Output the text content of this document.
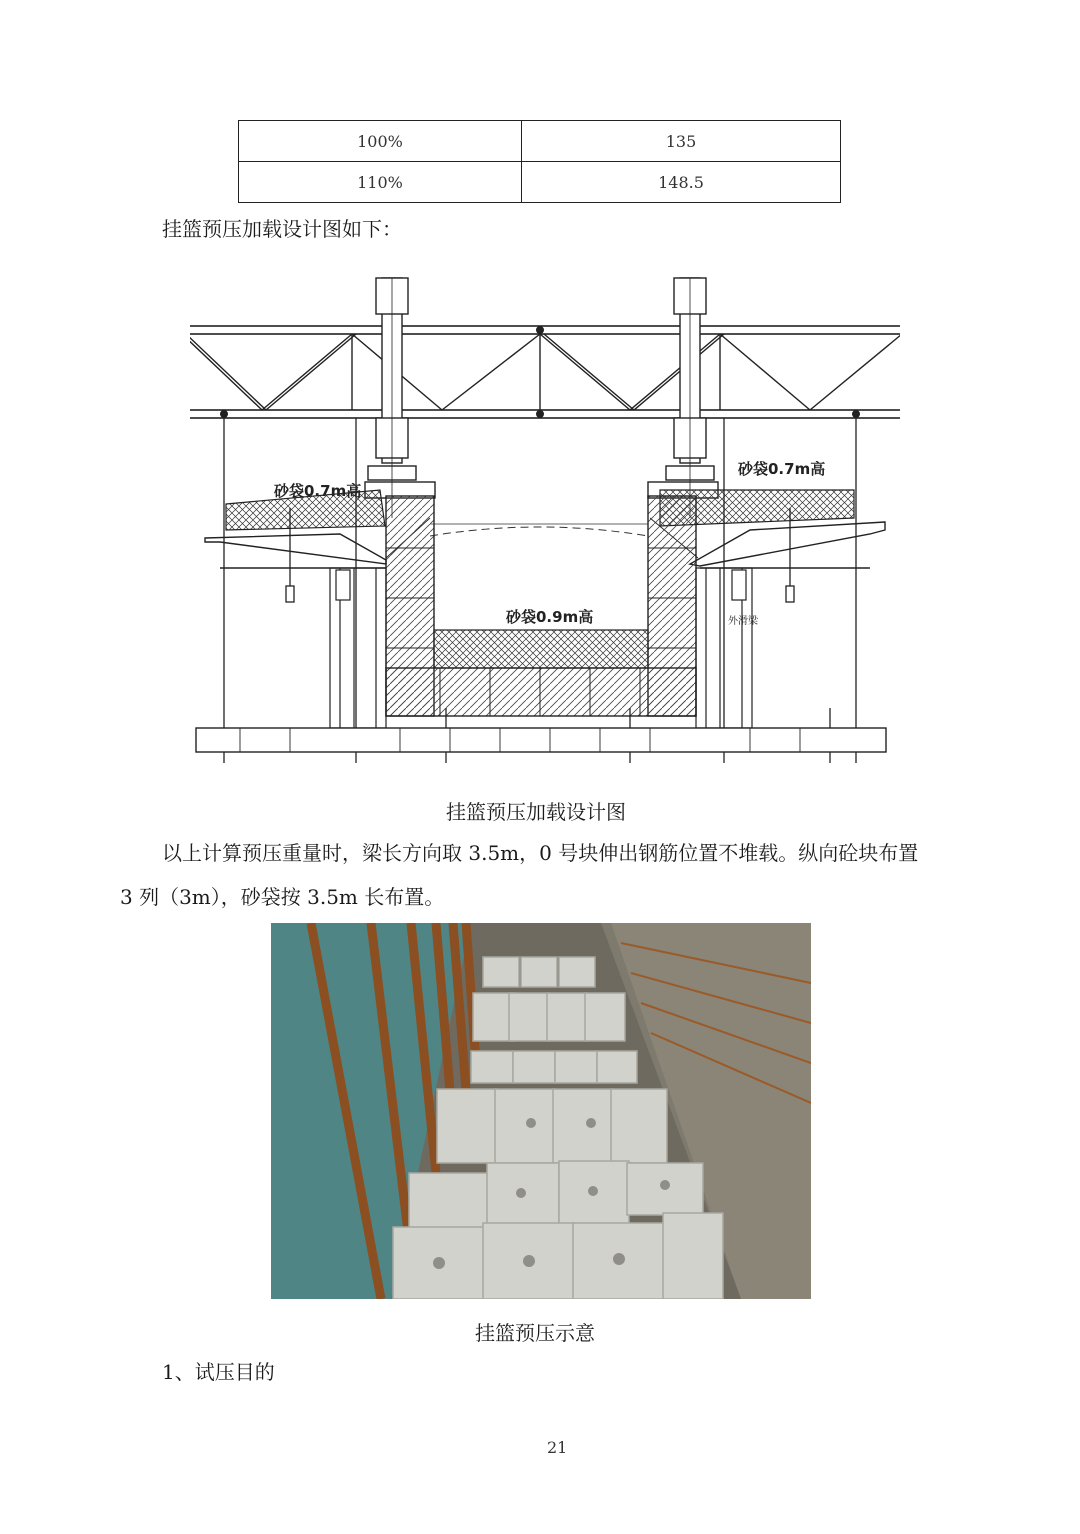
100%	135
110%	148.5
挂篮预压加载设计图如下：
砂袋0.7m高
砂袋0.7m高
砂袋0.9m高	外滑梁
挂篮预压加载设计图
以上计算预压重量时，梁长方向取 3.5m，0 号块伸出钢筋位置不堆载。纵向砼块布置
3 列（3m），砂袋按 3.5m 长布置。
挂篮预压示意
1、试压目的
21
